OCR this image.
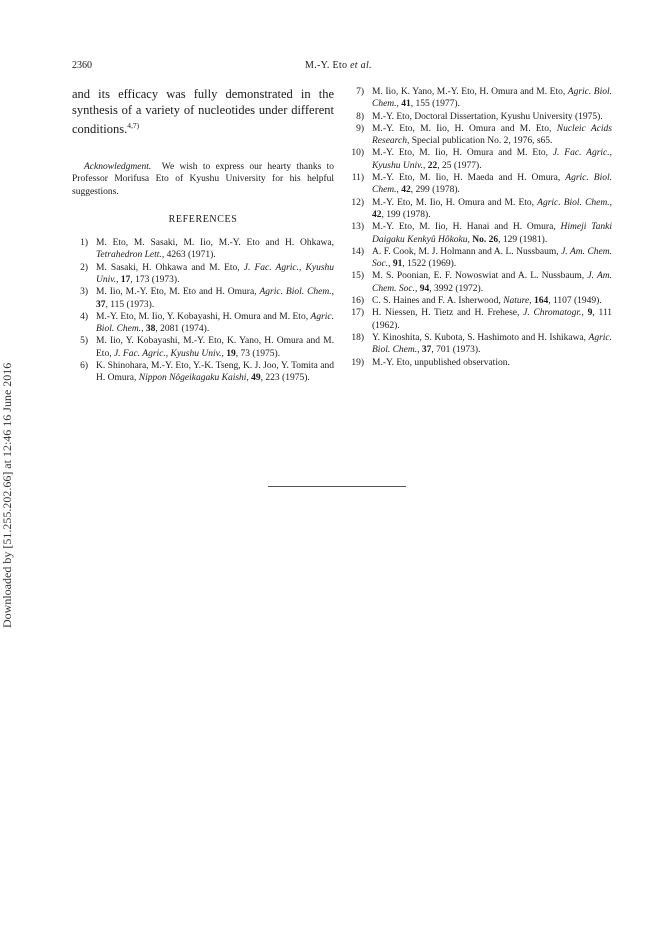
2360	M.-Y. Eto et al.
Downloaded by [51.255.202.66] at 12:46 16 June 2016

and its efficacy was fully demonstrated in the synthesis of a variety of nucleotides under different conditions.$^{4,7)}$

Acknowledgment. We wish to express our hearty thanks to Professor Morifusa Eto of Kyushu University for his helpful suggestions.

REFERENCES
1) M. Eto, M. Sasaki, M. Iio, M.-Y. Eto and H. Ohkawa, Tetrahedron Lett., 4263 (1971).
2) M. Sasaki, H. Ohkawa and M. Eto, J. Fac. Agric., Kyushu Univ., 17, 173 (1973).
3) M. Iio, M.-Y. Eto, M. Eto and H. Omura, Agric. Biol. Chem., 37, 115 (1973).
4) M.-Y. Eto, M. Iio, Y. Kobayashi, H. Omura and M. Eto, Agric. Biol. Chem., 38, 2081 (1974).
5) M. Iio, Y. Kobayashi, M.-Y. Eto, K. Yano, H. Omura and M. Eto, J. Fac. Agric., Kyushu Univ., 19, 73 (1975).
6) K. Shinohara, M.-Y. Eto, Y.-K. Tseng, K. J. Joo, Y. Tomita and H. Omura, Nippon Nôgeikagaku Kaishi, 49, 223 (1975).
7) M. Iio, K. Yano, M.-Y. Eto, H. Omura and M. Eto, Agric. Biol. Chem., 41, 155 (1977).
8) M.-Y. Eto, Doctoral Dissertation, Kyushu University (1975).
9) M.-Y. Eto, M. Iio, H. Omura and M. Eto, Nucleic Acids Research, Special publication No. 2, 1976, s65.
10) M.-Y. Eto, M. Iio, H. Omura and M. Eto, J. Fac. Agric., Kyushu Univ., 22, 25 (1977).
11) M.-Y. Eto, M. Iio, H. Maeda and H. Omura, Agric. Biol. Chem., 42, 299 (1978).
12) M.-Y. Eto, M. Iio, H. Omura and M. Eto, Agric. Biol. Chem., 42, 199 (1978).
13) M.-Y. Eto, M. Iio, H. Hanai and H. Omura, Himeji Tanki Daigaku Kenkyû Hôkoku, No. 26, 129 (1981).
14) A. F. Cook, M. J. Holmann and A. L. Nussbaum, J. Am. Chem. Soc., 91, 1522 (1969).
15) M. S. Poonian, E. F. Nowoswiat and A. L. Nussbaum, J. Am. Chem. Soc., 94, 3992 (1972).
16) C. S. Haines and F. A. Isherwood, Nature, 164, 1107 (1949).
17) H. Niessen, H. Tietz and H. Frehese, J. Chromatogr., 9, 111 (1962).
18) Y. Kinoshita, S. Kubota, S. Hashimoto and H. Ishikawa, Agric. Biol. Chem., 37, 701 (1973).
19) M.-Y. Eto, unpublished observation.
